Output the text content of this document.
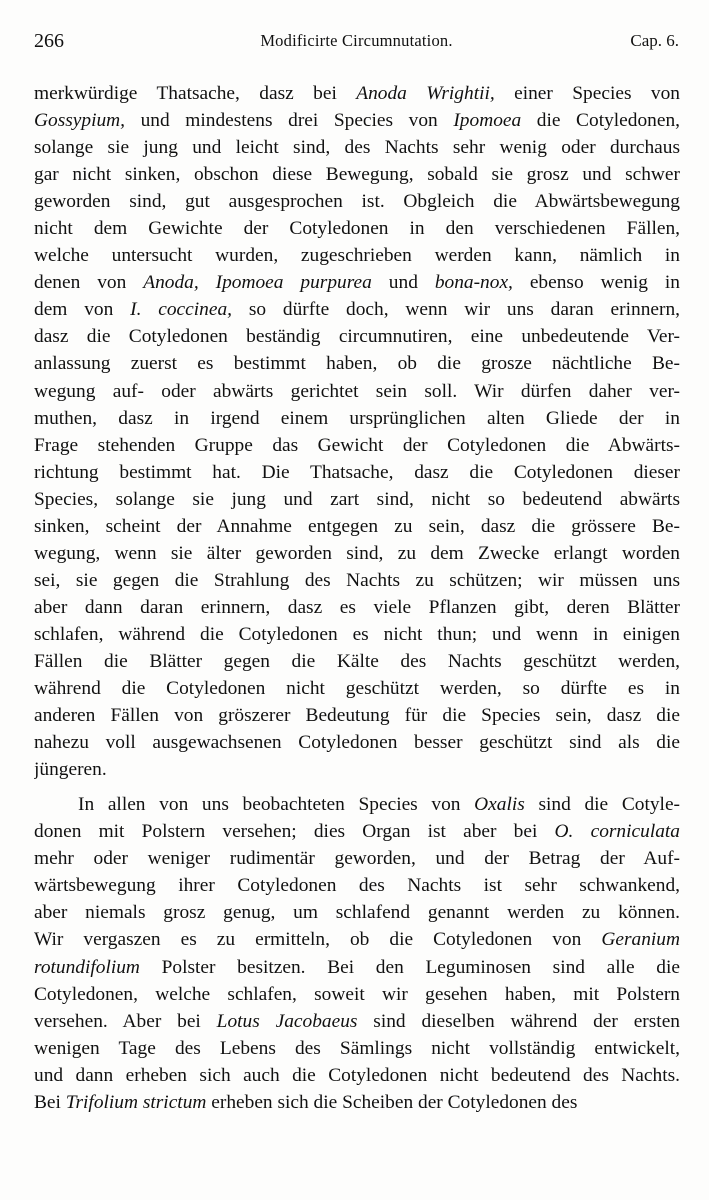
266	Modificirte Circumnutation.	Cap. 6.
merkwürdige Thatsache, dasz bei Anoda Wrightii, einer Species von
Gossypium, und mindestens drei Species von Ipomoea die Cotyledonen,
solange sie jung und leicht sind, des Nachts sehr wenig oder durchaus
gar nicht sinken, obschon diese Bewegung, sobald sie grosz und schwer
geworden sind, gut ausgesprochen ist. Obgleich die Abwärtsbewegung
nicht dem Gewichte der Cotyledonen in den verschiedenen Fällen,
welche untersucht wurden, zugeschrieben werden kann, nämlich in
denen von Anoda, Ipomoea purpurea und bona-nox, ebenso wenig in
dem von I. coccinea, so dürfte doch, wenn wir uns daran erinnern,
dasz die Cotyledonen beständig circumnutiren, eine unbedeutende Ver-
anlassung zuerst es bestimmt haben, ob die grosze nächtliche Be-
wegung auf- oder abwärts gerichtet sein soll. Wir dürfen daher ver-
muthen, dasz in irgend einem ursprünglichen alten Gliede der in
Frage stehenden Gruppe das Gewicht der Cotyledonen die Abwärts-
richtung bestimmt hat. Die Thatsache, dasz die Cotyledonen dieser
Species, solange sie jung und zart sind, nicht so bedeutend abwärts
sinken, scheint der Annahme entgegen zu sein, dasz die grössere Be-
wegung, wenn sie älter geworden sind, zu dem Zwecke erlangt worden
sei, sie gegen die Strahlung des Nachts zu schützen; wir müssen uns
aber dann daran erinnern, dasz es viele Pflanzen gibt, deren Blätter
schlafen, während die Cotyledonen es nicht thun; und wenn in einigen
Fällen die Blätter gegen die Kälte des Nachts geschützt werden,
während die Cotyledonen nicht geschützt werden, so dürfte es in
anderen Fällen von gröszerer Bedeutung für die Species sein, dasz die
nahezu voll ausgewachsenen Cotyledonen besser geschützt sind als die
jüngeren.
In allen von uns beobachteten Species von Oxalis sind die Cotyle-
donen mit Polstern versehen; dies Organ ist aber bei O. corniculata
mehr oder weniger rudimentär geworden, und der Betrag der Auf-
wärtsbewegung ihrer Cotyledonen des Nachts ist sehr schwankend,
aber niemals grosz genug, um schlafend genannt werden zu können.
Wir vergaszen es zu ermitteln, ob die Cotyledonen von Geranium
rotundifolium Polster besitzen. Bei den Leguminosen sind alle die
Cotyledonen, welche schlafen, soweit wir gesehen haben, mit Polstern
versehen. Aber bei Lotus Jacobaeus sind dieselben während der ersten
wenigen Tage des Lebens des Sämlings nicht vollständig entwickelt,
und dann erheben sich auch die Cotyledonen nicht bedeutend des Nachts.
Bei Trifolium strictum erheben sich die Scheiben der Cotyledonen des
